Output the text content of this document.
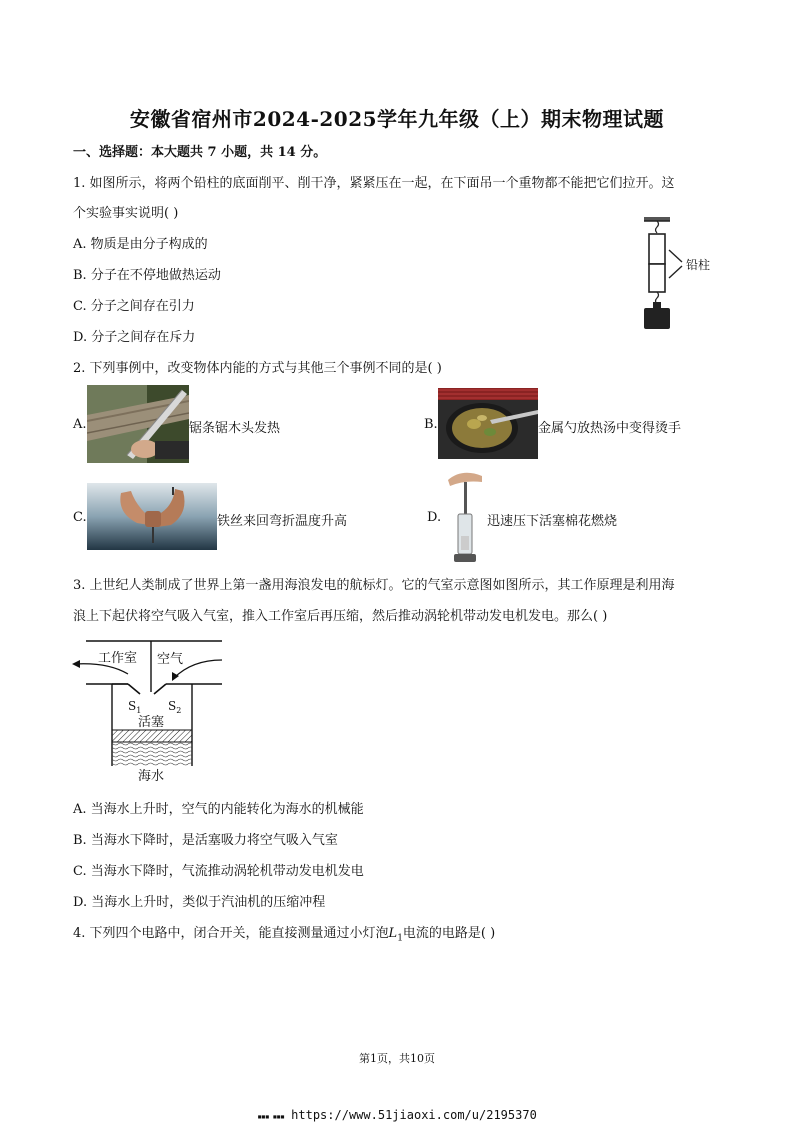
安徽省宿州市2024-2025学年九年级（上）期末物理试题
一、选择题：本大题共 7 小题，共 14 分。
1. 如图所示，将两个铅柱的底面削平、削干净，紧紧压在一起，在下面吊一个重物都不能把它们拉开。这
个实验事实说明( )
A. 物质是由分子构成的
B. 分子在不停地做热运动
C. 分子之间存在引力
D. 分子之间存在斥力
铅柱
2. 下列事例中，改变物体内能的方式与其他三个事例不同的是( )
A.	锯条锯木头发热	B.	金属勺放热汤中变得烫手
C.	铁丝来回弯折温度升高	D.	迅速压下活塞棉花燃烧
3. 上世纪人类制成了世界上第一盏用海浪发电的航标灯。它的气室示意图如图所示，其工作原理是利用海
浪上下起伏将空气吸入气室，推入工作室后再压缩，然后推动涡轮机带动发电机发电。那么( )
工作室 空气
$S_1$ $S_2$
活塞
海水
A. 当海水上升时，空气的内能转化为海水的机械能
B. 当海水下降时，是活塞吸力将空气吸入气室
C. 当海水下降时，气流推动涡轮机带动发电机发电
D. 当海水上升时，类似于汽油机的压缩冲程
4. 下列四个电路中，闭合开关，能直接测量通过小灯泡$L_1$电流的电路是( )
第1页，共10页
▪▪▪ ▪▪▪ https://www.51jiaoxi.com/u/2195370
